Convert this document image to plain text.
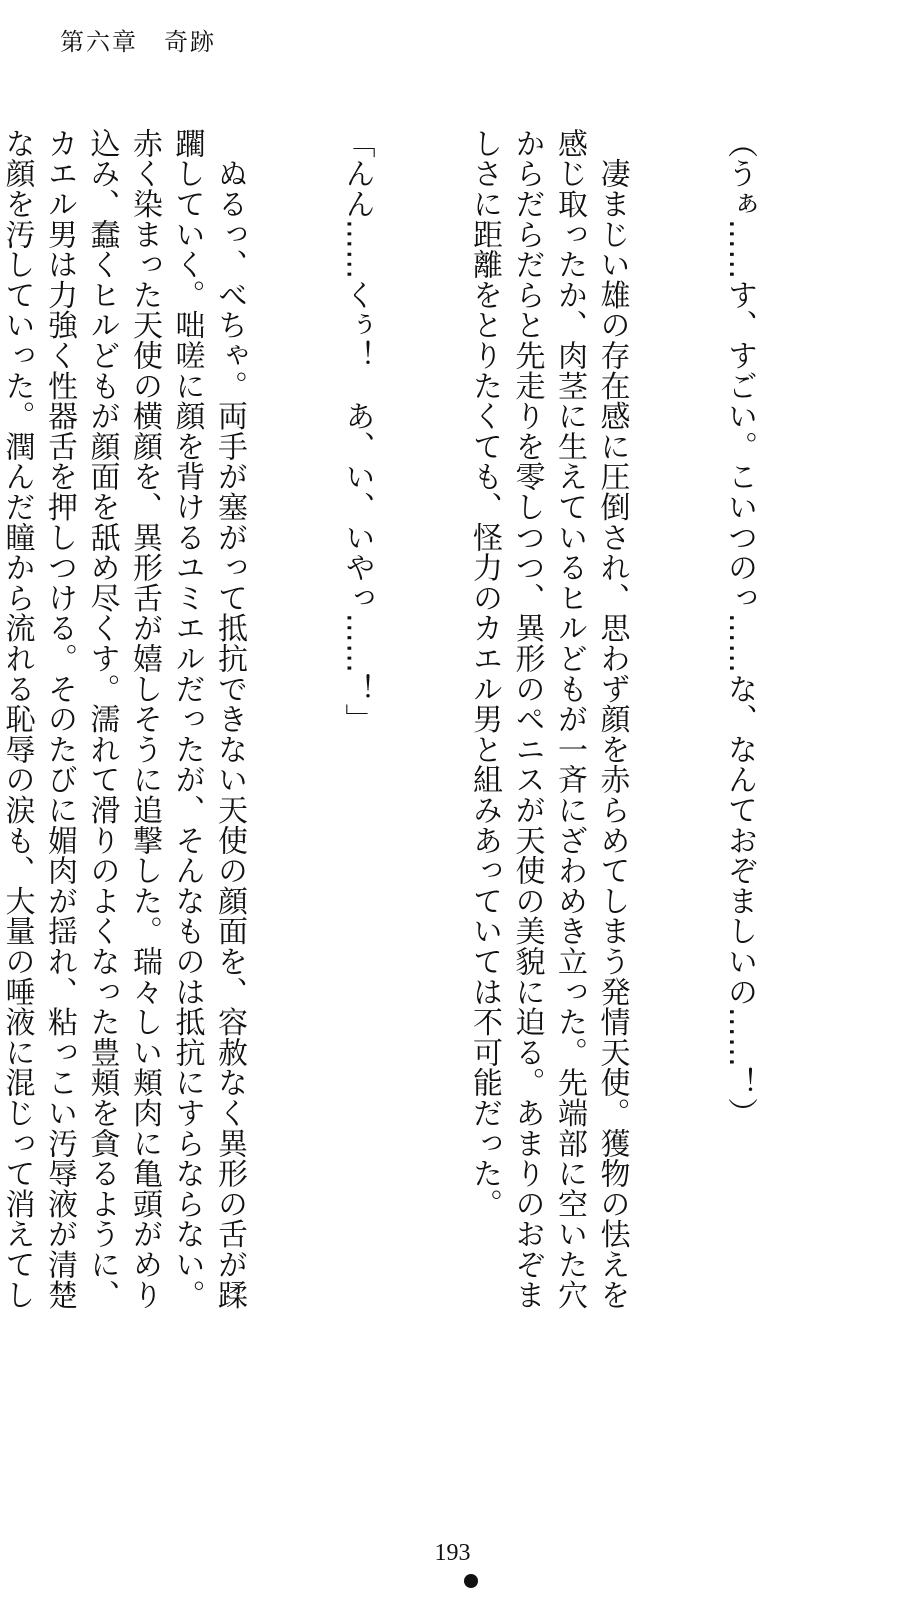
第六章　奇跡

（うぁ……す、すごい。こいつのっ……な、なんておぞましいの……！）

　凄まじい雄の存在感に圧倒され、思わず顔を赤らめてしまう発情天使。獲物の怯えを感じ取ったか、肉茎に生えているヒルどもが一斉にざわめき立った。先端部に空いた穴からだらだらと先走りを零しつつ、異形のペニスが天使の美貌に迫る。あまりのおぞましさに距離をとりたくても、怪力のカエル男と組みあっていては不可能だった。

「んん……くぅ！　あ、い、いやっ……！」

　ぬるっ、べちゃ。両手が塞がって抵抗できない天使の顔面を、容赦なく異形の舌が蹂躙していく。咄嗟に顔を背けるユミエルだったが、そんなものは抵抗にすらならない。赤く染まった天使の横顔を、異形舌が嬉しそうに追撃した。瑞々しい頬肉に亀頭がめり込み、蠢くヒルどもが顔面を舐め尽くす。濡れて滑りのよくなった豊頬を貪るように、カエル男は力強く性器舌を押しつける。そのたびに媚肉が揺れ、粘っこい汚辱液が清楚な顔を汚していった。潤んだ瞳から流れる恥辱の涙も、大量の唾液に混じって消えてし

193
